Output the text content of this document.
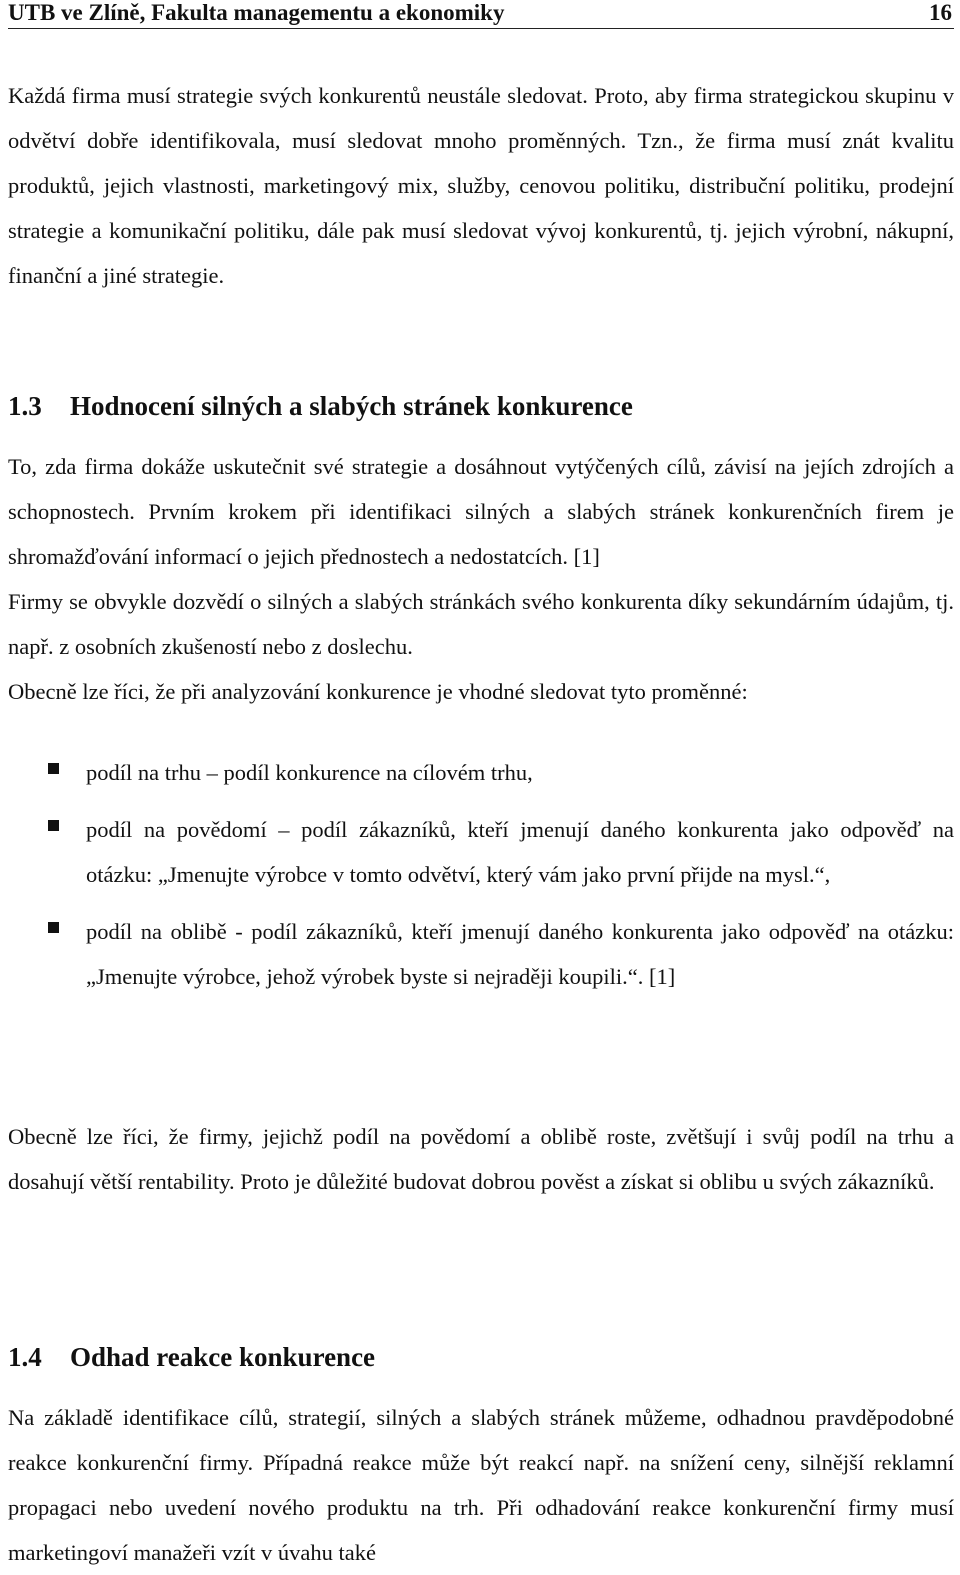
UTB ve Zlíně, Fakulta managementu a ekonomiky	16

Každá firma musí strategie svých konkurentů neustále sledovat. Proto, aby firma strategickou skupinu v odvětví dobře identifikovala, musí sledovat mnoho proměnných. Tzn., že firma musí znát kvalitu produktů, jejich vlastnosti, marketingový mix, služby, cenovou politiku, distribuční politiku, prodejní strategie a komunikační politiku, dále pak musí sledovat vývoj konkurentů, tj. jejich výrobní, nákupní, finanční a jiné strategie.

1.3 Hodnocení silných a slabých stránek konkurence

To, zda firma dokáže uskutečnit své strategie a dosáhnout vytýčených cílů, závisí na jejích zdrojích a schopnostech. Prvním krokem při identifikaci silných a slabých stránek konkurenčních firem je shromažďování informací o jejich přednostech a nedostatcích. [1]

Firmy se obvykle dozvědí o silných a slabých stránkách svého konkurenta díky sekundárním údajům, tj. např. z osobních zkušeností nebo z doslechu.

Obecně lze říci, že při analyzování konkurence je vhodné sledovat tyto proměnné:

podíl na trhu – podíl konkurence na cílovém trhu,
podíl na povědomí – podíl zákazníků, kteří jmenují daného konkurenta jako odpověď na otázku: „Jmenujte výrobce v tomto odvětví, který vám jako první přijde na mysl.“,
podíl na oblibě - podíl zákazníků, kteří jmenují daného konkurenta jako odpověď na otázku: „Jmenujte výrobce, jehož výrobek byste si nejraději koupili.“. [1]

Obecně lze říci, že firmy, jejichž podíl na povědomí a oblibě roste, zvětšují i svůj podíl na trhu a dosahují větší rentability. Proto je důležité budovat dobrou pověst a získat si oblibu u svých zákazníků.

1.4 Odhad reakce konkurence

Na základě identifikace cílů, strategií, silných a slabých stránek můžeme, odhadnou pravděpodobné reakce konkurenční firmy. Případná reakce může být reakcí např. na snížení ceny, silnější reklamní propagaci nebo uvedení nového produktu na trh. Při odhadování reakce konkurenční firmy musí marketingoví manažeři vzít v úvahu také
